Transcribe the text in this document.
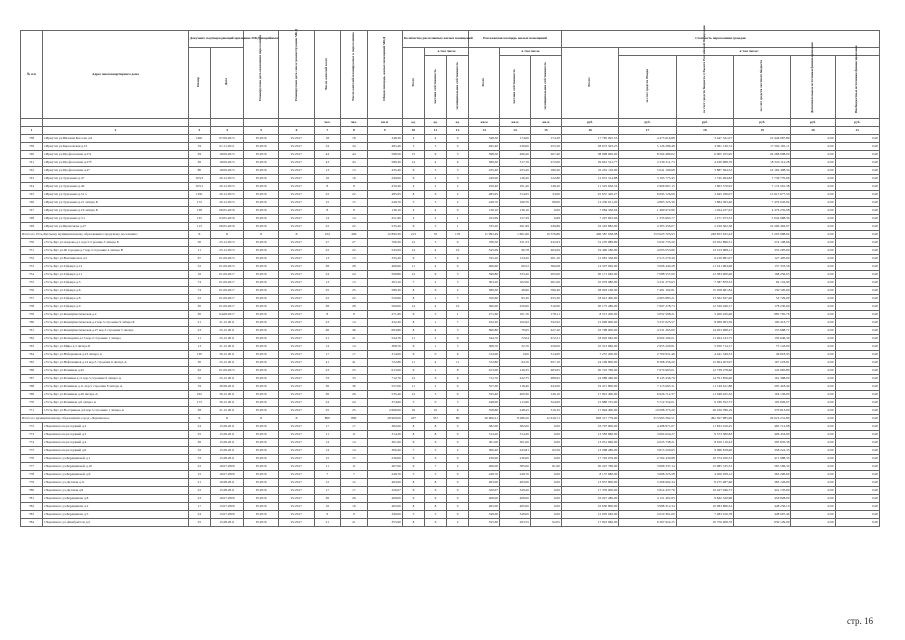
№ п/п	Адрес многоквартирного дома	Документ, подтверждающий признание МКД аварийным		Планируемая дата окончания переселения	Планируемая дата сноса/ реконструкции МКД	Число жителей всего	Число жителей планируемых к переселению	Общая площадь жилых помещений МКД	Количество расселяемых жилых помещений			Расселяемая площадь жилых помещений			Стоимость переселения граждан					
		Номер	Дата						Всего	в том числе		Всего	в том числе		Всего:	в том числе:				
										частная собственность	муниципальная собственность		частная собственность	муниципальная собственность		за счет средств Фонда	за счет средств бюджета субъекта Российской Федерации	за счет средств местного бюджета	Дополнительные источники финансирования	Внебюджетные источники финансирования
						чел.	чел.	кв.м	ед.	ед.	ед.	кв.м	кв.м	кв.м	руб.	руб.	руб.	руб.	руб.	руб.
1	2	3	4	5	6	7	8	9	10	11	12	13	14	15	16	17	18	19	20	21
738	г.Иркутск ул.Низовая Богоска д.6	1661	07.09.2015	IV.2016	IV.2017	18	18	348,30	4	4	0	348,30	174,00	174,30	17 765 005,53	4 473 616,88	3 447 341,07	10 446 087,89	0,00	0,00
739	г.Иркутск ул.Березовская д.13	19	01.11.2011	IV.2016	IV.2017	34	34	495,40	3	3	0	495,40	239,00	255,50	28 672 503,25	5 126 286,48	3 961 136,74	17 594 181,11	0,00	0,00
740	г.Иркутск ул.Профсоюзная д.27а	29	18.09.2015	IV.2016	IV.2017	44	44	598,50	15	9	3	598,50	466,40	207,40	38 998 906,00	8 564 489,02	6 005 105,95	24 268 608,00	0,00	0,00
741	г.Иркутск ул.Профсоюзная д.27б	26	18.09.2015	IV.2016	IV.2017	43	43	589,30	14	4	6	589,30	317,76	272,00	29 661 312,77	2 530 311,73	4 430 988,76	18 320 112,28	0,00	0,00
742	г.Иркутск ул.Профсоюзная д.47	80	18.09.2015	IV.2016	IV.2017	13	13	435,40	6	3	3	435,40	255,20	180,20	25 201 116,00	5 041 199,68	3 887 394,52	16 182 408,34	0,00	0,00
743	г.Иркутск ул.Тургенева д.47	103/3	30.12.2015	IV.2016	IV.2017	16	16	249,00	6	2	3	249,00	126,20	122,80	12 672 314,88	3 193 773,45	1 745 494,83	7 736 770,06	0,00	0,00
744	г.Иркутск ул.Тургенева д.49	103/1	30.12.2015	IV.2016	IV.2017	8	8	250,40	4	2	2	250,40	101,20	149,20	11 525 656,54	2 906 967,15	1 803 576,93	7 174 561,38	0,00	0,00
745	г.Иркутск ул.Тургенева д.51 а	1291	30.12.2015	IV.2016	IV.2017	22	22	485,95	8	6	2	485,95	314,95	33,00	25 657 420,27	6 095 726,09	3 645 186,07	15 615 677,50	0,00	0,00
746	г.Иркутск ул.Тургенева д.21 литера Б	172	30.12.2015	IV.2016	IV.2017	15	15	249,70	5	3	2	249,70	160,70	89,00	12 250 611,20	4 863 325,36	1 884 393,40	7 479 045,04	0,00	0,00
747	г.Иркутск ул.Тургенева д.19 литера Б	138	06.05.2016	IV.2016	IV.2017	8	8	136,10	4	4	0	136,10	136,10	0,00	7 084 330,04	1 469 672,80	1 024 227,03	4 476 235,08	0,00	0,00
748	г.Иркутск ул.Тургенева д.3 а	135	03.05.2016	IV.2016	IV.2017	14	14	251,90	4	2	1	163,69	157,29	6,69	7 297 603,06	1 335 693,77	1 271 073,53	5 044 968,36	0,00	0,00
749	г.Иркутск ул.Щепетнова д.27	113	06.05.2016	IV.2016	IV.2017	22	22	535,20	6	5	1	535,20	261,99	249,89	16 545 882,00	4 303 356,07	2 229 362,58	10 266 462,07	0,00	0,00
Итого по Усть-Кутскому муниципальному образованию городскому поселению:		X	X	X	X	104	406	12 890,30	213	35	176	11 992,49	1 601,66	10 376,86	406 587 038,08	153 625 703,93	248 853 635,43	5 203 998,04	0,00	0,00
750	г.Усть-Кут ул.Азарова д.1 кор.3 строение 3 литера Б	50	25.12.2013	IV.2016	IV.2017	27	27	766,30	12	3	9	766,30	331,53	432,93	31 270 989,89	5 634 733,20	23 052 896,51	274 108,66	0,00	0,00
751	г.Усть-Кут ул.40 городки д.7 кор.3 строение 4 литера В	11	25.12.2013	IV.2016	IV.2017	22	22	545,09	14	4	10	545,09	90,78	463,09	19 440 180,00	4 003 053,80	15 103 968,11	333 295,00	0,00	0,00
752	г.Усть-Кут ул.Вонтикеллаз д.5	67	01.09.2015	IV.2016	IV.2017	13	13	335,20	9	3	6	335,20	134,20	201,10	12 081 336,00	2 513 279,39	9 419 981,07	127 495,00	0,00	0,00
753	г.Усть-Кут ул.Гайдара д.12	52	01.09.2015	IV.2016	IV.2017	28	28	466,60	11	4	9	466,60	99,52	369,08	14 507 920,00	3 006 440,28	11 241 984,08	137 333,56	0,00	0,00
754	г.Усть-Кут ул.Гайдара д.11	16	01.09.2017	IV.2016	IV.2017	24	24	599,80	12	9	3	599,80	333,20	295,00	20 171 040,00	7 088 557,00	12 583 900,00	168 256,05	0,00	0,00
755	г.Усть-Кут ул.Гайдара д.3	74	01.09.2017	IV.2016	IV.2017	13	13	303,10	7	2	5	303,20	102,00	201,00	10 979 080,00	3 231 273,63	7 387 879,33	92 152,90	0,00	0,00
756	г.Усть-Кут ул.Гайдара д.6	74	01.09.2017	IV.2016	IV.2017	25	25	589,30	8	6	2	589,30	49,90	599,40	28 093 160,00	7 491 162,81	15 058 661,84	130 520,00	0,00	0,00
757	г.Усть-Кут ул.Гайдара д.8	22	01.09.2017	IV.2016	IV.2017	22	22	550,60	8	1	7	550,60	95,30	455,30	18 621 400,00	4 903 885,21	13 562 637,00	52 729,00	0,00	0,00
758	г.Усть-Кут ул.Гайдара д.9	20	01.09.2017	IV.2016	IV.2017	28	28	560,00	14	4	10	560,00	250,00	310,00	20 175 280,00	7 667 278,73	12 330 446,17	178 230,00	0,00	0,00
759	г.Усть-Кут ул.Коммунистическая д.2	20	04.08.2017	IV.2016	IV.2017	8	8	271,60	6	5	1	271,60	101,70	178,11	8 513 200,00	3 052 508,21	5 400 220,00	985 765,76	0,00	0,00
760	г.Усть-Кут ул.Коммунистическая д.2 кор.5 строение 9 литера Б	21	21.12.2011	IV.2016	IV.2017	23	14	432,20	8	1	7	432,20	102,92	332,92	15 096 900,00	3 237 625,57	8 969 003,59	100 412,77	0,00	0,00
761	г.Усть-Кут ул.Коммунистическая д.27 кор.3 строение 5 литера	23	25.12.2011	IV.2016	IV.2017	46	46	693,80	8	4	3	690,80	70,95	427,20	16 798 000,00	4 531 265,00	14 203 068,27	153 668,71	0,00	0,00
762	г.Усть-Кут ул.Кольцевая д.13 кор.2 строение 1 литера	11	25.12.2011	IV.2016	IV.2017	21	21	544,70	11	2	9	544,70	72,04	472,51	18 002 940,00	6 002 294,01	11 294 143,75	150 646,30	0,00	0,00
763	г.Усть-Кут ул.Мира д.3 литера Б	13	21.12.2011	IV.2016	IV.2017	14	14	308,70	6	1	5	308,70	52,70	256,00	10 313 660,00	2 955 220,81	5 059 714,17	75 143,00	0,00	0,00
764	г.Усть-Кут ул.Набережная д.23 литера А	130	30.12.2011	IV.2016	IV.2017	17	17	314,00	6	0	6	314,00	0,00	314,00	7 257 200,00	2 700 931,46	4 441 349,53	49 818,95	0,00	0,00
765	г.Усть-Кут ул.Нефтяников д.14 кор.5 строение 6 литера А	30	25.12.2011	IV.2016	IV.2017	41	41	722,80	11	4	11	722,80	64,70	657,10	24 199 800,00	8 368 256,20	15 604 203,97	197 223,81	0,00	0,00
766	г.Усть-Кут ул.Речников д.45	62	01.09.2015	IV.2016	IV.2017	23	23	613,00	9	1	8	613,00	129,35	483,65	20 722 760,00	7 670 903,01	12 738 278,60	143 665,80	0,00	0,00
767	г.Усть-Кут ул.Речники д.11 кор.5 строение 6 литера А	32	25.12.2011	IV.2016	IV.2017	33	33	712,70	12	6	6	712,70	222,75	489,95	24 089 260,00	8 145 436,79	14 791 856,00	161 368,00	0,00	0,00
768	г.Усть-Кут ул.Речников д.11 кор.5 строение 8 литера А	19	30.09.2011	IV.2016	IV.2017	36	36	557,00	11	2	9	557,00	118,40	443,00	19 471 800,00	7 113 063,31	11 149 611,88	205 418,40	0,00	0,00
769	г.Усть-Кут ул.Речников д.29 литера А	192	30.12.2011	IV.2016	IV.2017	26	26	535,40	12	3	9	535,40	409,30	126,10	17 991 400,00	6 626 712,37	11 048 425,32	104 156,00	0,00	0,00
770	г.Усть-Кут ул.Речников д.6 литера А	173	30.12.2011	IV.2016	IV.2017	24	24	374,60	5	0	5	448,00	113,60	324,00	15 886 725,00	5 712 552,01	9 189 552,73	105 826,07	0,00	0,00
771	г.Усть-Кут ул.Вострякова д.9 кор.5 строение 1 литера А	28	21.12.2011	IV.2016	IV.2017	25	25	2 669,00	16	10	6	558,60	248,25	310,35	17 694 400,00	10 068 373,20	20 236 786,19	376 813,00	0,00	0,00
Итого по муниципальному образованию город «Черемхово»:		X	X	X	X	800	800	26 900,00	437	357	80	20 906,21	8 286,50	12 619,71	826 317 779,00	313 993 562,51	492 307 985,09	20 016 231,80	0,00	0,00
772	г.Черемхово пер.Садовый д.2	24	15.09.2011	IV.2016	IV.2017	17	17	382,00	8	8	0	382,00	382,00	0,00	16 797 600,00	4 498 971,67	11 832 916,25	465 712,08	0,00	0,00
773	г.Черемхово пер.Садовый д.3	25	15.09.2011	IV.2016	IV.2017	11	11	314,20	8	8	0	314,20	314,20	0,00	13 583 860,00	3 604 024,27	9 573 380,83	406 454,90	0,00	0,00
774	г.Черемхово пер.Садовый д.4	26	15.09.2011	IV.2016	IV.2017	14	14	301,00	6	6	0	301,00	301,00	0,00	13 031 690,00	4 025 738,21	8 610 116,43	395 835,36	0,00	0,00
775	г.Черемхово пер.Садовый д.6	32	15.09.2011	IV.2016	IV.2017	14	14	306,40	7	5	2	306,40	243,81	62,59	13 268 280,00	3 813 220,65	9 096 818,00	358 241,35	0,00	0,00
776	г.Черемхово ул.Бердниковой д.1	33	15.08.2011	IV.2016	IV.2017	15	15	236,00	6	6	0	236,00	236,00	0,00	17 792 076,00	4 764 430,88	10 574 930,53	471 688,35	0,00	0,00
777	г.Черемхово ул.Бердниковой д.10	22	16.07.2000	IV.2016	IV.2017	11	11	467,00	9	7	2	466,00	385,00	81,00	20 247 760,00	3 666 337,14	15 985 745,53	595 506,34	0,00	0,00
778	г.Черемхово ул.Бердниковой д.6	15	16.07.2000	IV.2016	IV.2017	7	7	249,70	5	5	0	249,70	249,70	0,00	8 137 680,00	3 668 325,28	4 206 058,12	363 296,60	0,00	0,00
779	г.Черемхово ул.Детская д.11	21	19.08.2011	IV.2016	IV.2017	12	12	463,00	8	8	0	463,00	463,00	0,00	13 957 800,00	5 266 992,34	8 275 487,66	383 126,00	0,00	0,00
780	г.Черемхово ул.Детская д.9	22	15.08.2011	IV.2016	IV.2017	17	17	320,07	6	6	0	320,07	329,20	0,00	17 376 000,00	5 814 437,70	10 447 046,73	441 135,00	0,00	0,00
781	г.Черемхово ул.Бердникова д.8	23	16.07.2000	IV.2016	IV.2017	26	26	408,00	9	9	0	408,00	408,00	0,00	16 027 280,00	4 151 491,83	9 842 329,98	456 828,00	0,00	0,00
782	г.Черемхово ул.Бердникова д.2	17	15.07.2000	IV.2016	IV.2017	16	16	465,00	8	8	0	465,00	465,00	0,00	16 630 800,00	3 988 312,34	10 083 896,34	448 256,10	0,00	0,00
783	г.Черемхово ул.Бердникова д.5	24	15.07.2000	IV.2016	IV.2017	9	9	349,00	5	5	0	349,00	349,00	0,00	12 005 040,00	4 019 361,00	7 483 016,78	448 097,40	0,00	0,00
784	г.Черемхово ул.Декабристов д.2	25	15.08.2011	IV.2016	IV.2017	21	21	355,60	8	6	2	355,60	263,55	92,05	17 823 960,00	6 367 922,25	10 756 408,76	639 129,00	0,00	0,00
стр. 16
